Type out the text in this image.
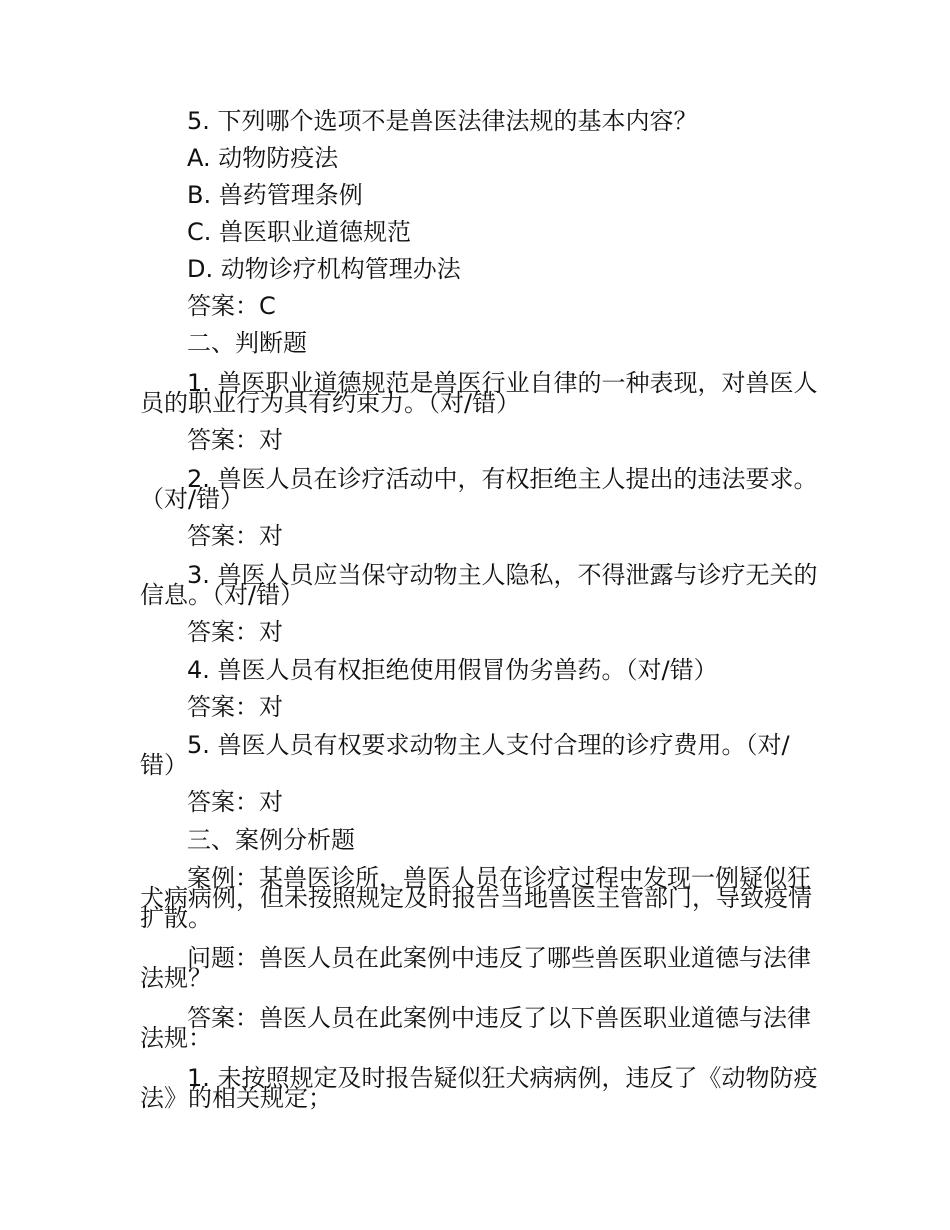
5. 下列哪个选项不是兽医法律法规的基本内容？
A. 动物防疫法
B. 兽药管理条例
C. 兽医职业道德规范
D. 动物诊疗机构管理办法
答案：C
二、判断题
1. 兽医职业道德规范是兽医行业自律的一种表现，对兽医人员的职业行为具有约束力。（对/错）
答案：对
2. 兽医人员在诊疗活动中，有权拒绝主人提出的违法要求。（对/错）
答案：对
3. 兽医人员应当保守动物主人隐私，不得泄露与诊疗无关的信息。（对/错）
答案：对
4. 兽医人员有权拒绝使用假冒伪劣兽药。（对/错）
答案：对
5. 兽医人员有权要求动物主人支付合理的诊疗费用。（对/错）
答案：对
三、案例分析题
案例：某兽医诊所，兽医人员在诊疗过程中发现一例疑似狂犬病病例，但未按照规定及时报告当地兽医主管部门，导致疫情扩散。
问题：兽医人员在此案例中违反了哪些兽医职业道德与法律法规？
答案：兽医人员在此案例中违反了以下兽医职业道德与法律法规：
1. 未按照规定及时报告疑似狂犬病病例，违反了《动物防疫法》的相关规定；
